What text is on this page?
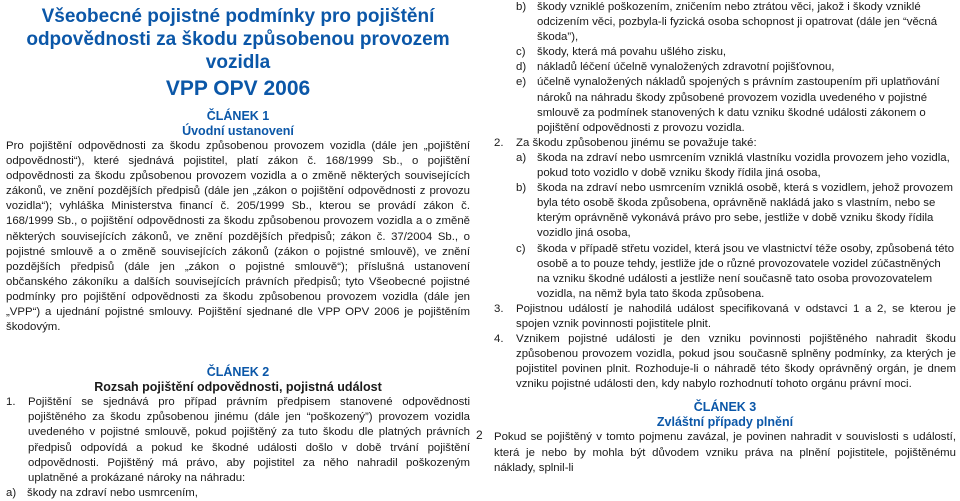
Všeobecné pojistné podmínky pro pojištění odpovědnosti za škodu způsobenou provozem vozidla
VPP OPV 2006
ČLÁNEK 1
Úvodní ustanovení

Pro pojištění odpovědnosti za škodu způsobenou provozem vozidla (dále jen „pojištění odpovědnosti“), které sjednává pojistitel, platí zákon č. 168/1999 Sb., o pojištění odpovědnosti za škodu způsobenou provozem vozidla a o změně některých souvisejících zákonů, ve znění pozdějších předpisů (dále jen „zákon o pojištění odpovědnosti z provozu vozidla“); vyhláška Ministerstva financí č. 205/1999 Sb., kterou se provádí zákon č. 168/1999 Sb., o pojištění odpovědnosti za škodu způsobenou provozem vozidla a o změně některých souvisejících zákonů, ve znění pozdějších předpisů; zákon č. 37/2004 Sb., o pojistné smlouvě a o změně souvisejících zákonů (zákon o pojistné smlouvě), ve znění pozdějších předpisů (dále jen „zákon o pojistné smlouvě“); příslušná ustanovení občanského zákoníku a dalších souvisejících právních předpisů; tyto Všeobecné pojistné podmínky pro pojištění odpovědnosti za škodu způsobenou provozem vozidla (dále jen „VPP“) a ujednání pojistné smlouvy. Pojištění sjednané dle VPP OPV 2006 je pojištěním škodovým.

ČLÁNEK 2
Rozsah pojištění odpovědnosti, pojistná událost
1.	Pojištění se sjednává pro případ právním předpisem stanovené odpovědnosti pojištěného za škodu způsobenou jinému (dále jen “poškozený”) provozem vozidla uvedeného v pojistné smlouvě, pokud pojištěný za tuto škodu dle platných právních předpisů odpovídá a pokud ke škodné události došlo v době trvání pojištění odpovědnosti. Pojištěný má právo, aby pojistitel za něho nahradil poškozeným uplatněné a prokázané nároky na náhradu:
a) škody na zdraví nebo usmrcením,
2
b) škody vzniklé poškozením, zničením nebo ztrátou věci, jakož i škody vzniklé odcizením věci, pozbyla-li fyzická osoba schopnost ji opatrovat (dále jen “věcná škoda”),
c)	škody, která má povahu ušlého zisku,
d) nákladů léčení účelně vynaložených zdravotní pojišťovnou,
e) účelně vynaložených nákladů spojených s právním zastoupením při uplatňování nároků na náhradu škody způsobené provozem vozidla uvedeného v pojistné smlouvě za podmínek stanovených k datu vzniku škodné události zákonem o pojištění odpovědnosti z provozu vozidla.
2.	Za škodu způsobenou jinému se považuje také:
a) škoda na zdraví nebo usmrcením vzniklá vlastníku vozidla provozem jeho vozidla, pokud toto vozidlo v době vzniku škody řídila jiná osoba,
b) škoda na zdraví nebo usmrcením vzniklá osobě, která s vozidlem, jehož provozem byla této osobě škoda způsobena, oprávněně nakládá jako s vlastním, nebo se kterým oprávněně vykonává právo pro sebe, jestliže v době vzniku škody řídila vozidlo jiná osoba,
c)	škoda v případě střetu vozidel, která jsou ve vlastnictví téže osoby, způsobená této osobě a to pouze tehdy, jestliže jde o různé provozovatele vozidel zúčastněných na vzniku škodné události a jestliže není současně tato osoba provozovatelem vozidla, na němž byla tato škoda způsobena.
3.	Pojistnou událostí je nahodilá událost specifikovaná v odstavci 1 a 2, se kterou je spojen vznik povinnosti pojistitele plnit.
4.	Vznikem pojistné události je den vzniku povinnosti pojištěného nahradit škodu způsobenou provozem vozidla, pokud jsou současně splněny podmínky, za kterých je pojistitel povinen plnit. Rozhoduje-li o náhradě této škody oprávněný orgán, je dnem vzniku pojistné události den, kdy nabylo rozhodnutí tohoto orgánu právní moci.
ČLÁNEK 3
Zvláštní případy plnění

Pokud se pojištěný v tomto pojmenu zavázal, je povinen nahradit v souvislosti s událostí, která je nebo by mohla být důvodem vzniku práva na plnění pojistitele, pojištěnému náklady, splnil-li
